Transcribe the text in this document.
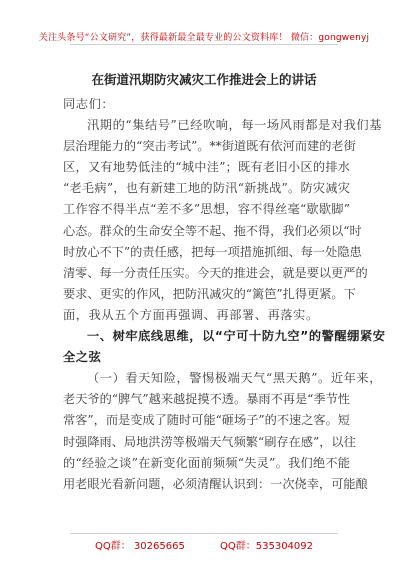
关注头条号“公文研究”，获得最新最全最专业的公文资料库！ 微信：gongwenyj
在街道汛期防灾减灾工作推进会上的讲话
同志们：
汛期的“集结号”已经吹响，每一场风雨都是对我们基
层治理能力的“突击考试”。**街道既有依河而建的老街
区，又有地势低洼的“城中洼”；既有老旧小区的排水
“老毛病”，也有新建工地的防汛“新挑战”。防灾减灾
工作容不得半点“差不多”思想，容不得丝毫“歇歇脚”
心态。群众的生命安全等不起、拖不得，我们必须以“时
时放心不下”的责任感，把每一项措施抓细、每一处隐患
清零、每一分责任压实。今天的推进会，就是要以更严的
要求、更实的作风，把防汛减灾的“篱笆”扎得更紧。下
面，我从五个方面再强调、再部署、再落实。
一、树牢底线思维，以“宁可十防九空”的警醒绷紧安
全之弦
（一）看天知险，警惕极端天气“黑天鹅”。近年来，
老天爷的“脾气”越来越捉摸不透。暴雨不再是“季节性
常客”，而是变成了随时可能“砸场子”的不速之客。短
时强降雨、局地洪涝等极端天气频繁“刷存在感”，以往
的“经验之谈”在新变化面前频频“失灵”。我们绝不能
用老眼光看新问题，必须清醒认识到：一次侥幸，可能酿
QQ群： 30265665	QQ群：535304092
